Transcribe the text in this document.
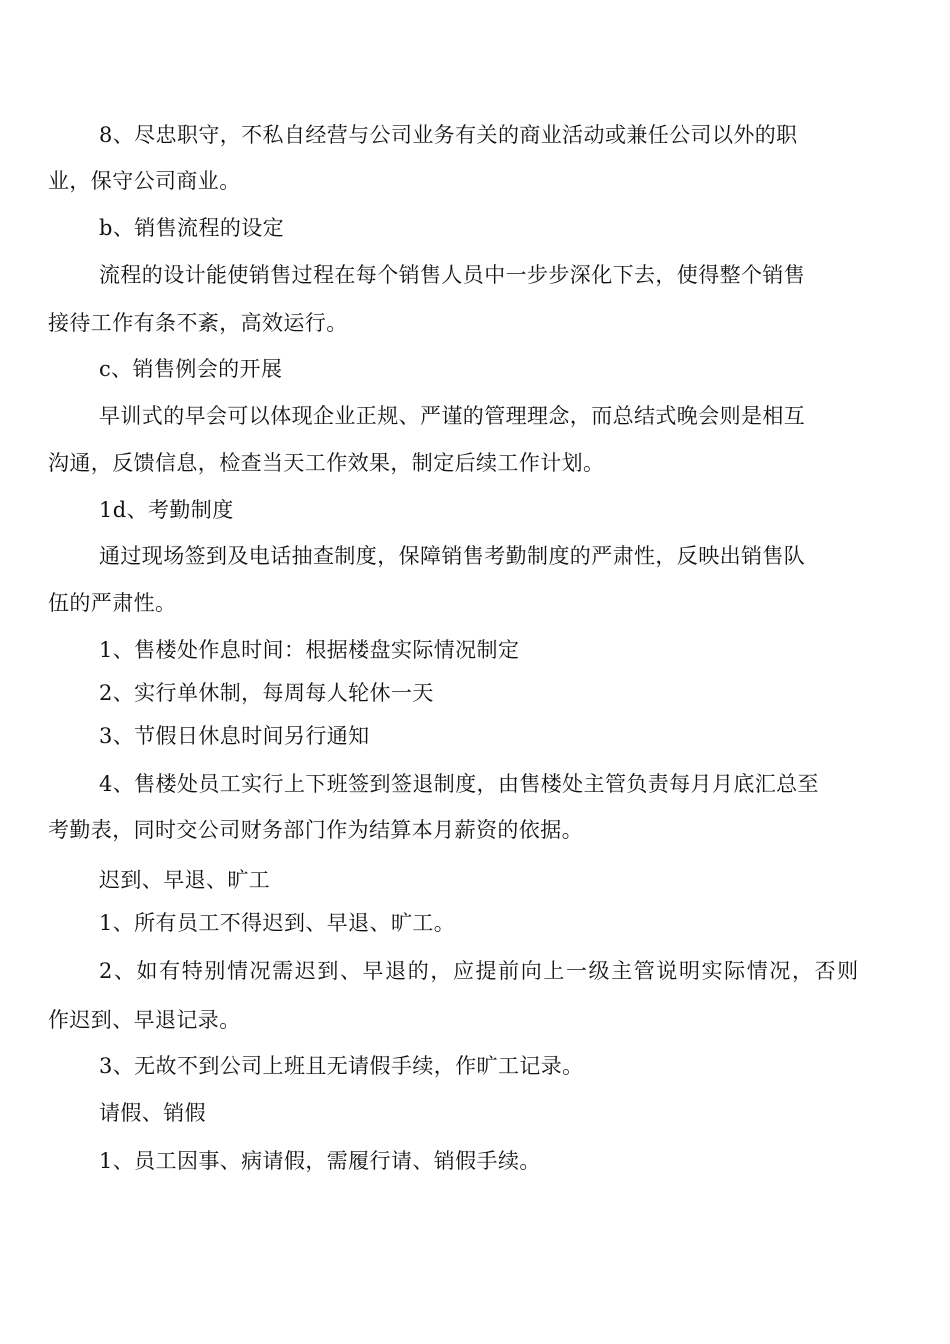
8、尽忠职守，不私自经营与公司业务有关的商业活动或兼任公司以外的职
业，保守公司商业。
b、销售流程的设定
流程的设计能使销售过程在每个销售人员中一步步深化下去，使得整个销售
接待工作有条不紊，高效运行。
c、销售例会的开展
早训式的早会可以体现企业正规、严谨的管理理念，而总结式晚会则是相互
沟通，反馈信息，检查当天工作效果，制定后续工作计划。
1d、考勤制度
通过现场签到及电话抽查制度，保障销售考勤制度的严肃性，反映出销售队
伍的严肃性。
1、售楼处作息时间：根据楼盘实际情况制定
2、实行单休制，每周每人轮休一天
3、节假日休息时间另行通知
4、售楼处员工实行上下班签到签退制度，由售楼处主管负责每月月底汇总至
考勤表，同时交公司财务部门作为结算本月薪资的依据。
迟到、早退、旷工
1、所有员工不得迟到、早退、旷工。
2、如有特别情况需迟到、早退的，应提前向上一级主管说明实际情况，否则
作迟到、早退记录。
3、无故不到公司上班且无请假手续，作旷工记录。
请假、销假
1、员工因事、病请假，需履行请、销假手续。
